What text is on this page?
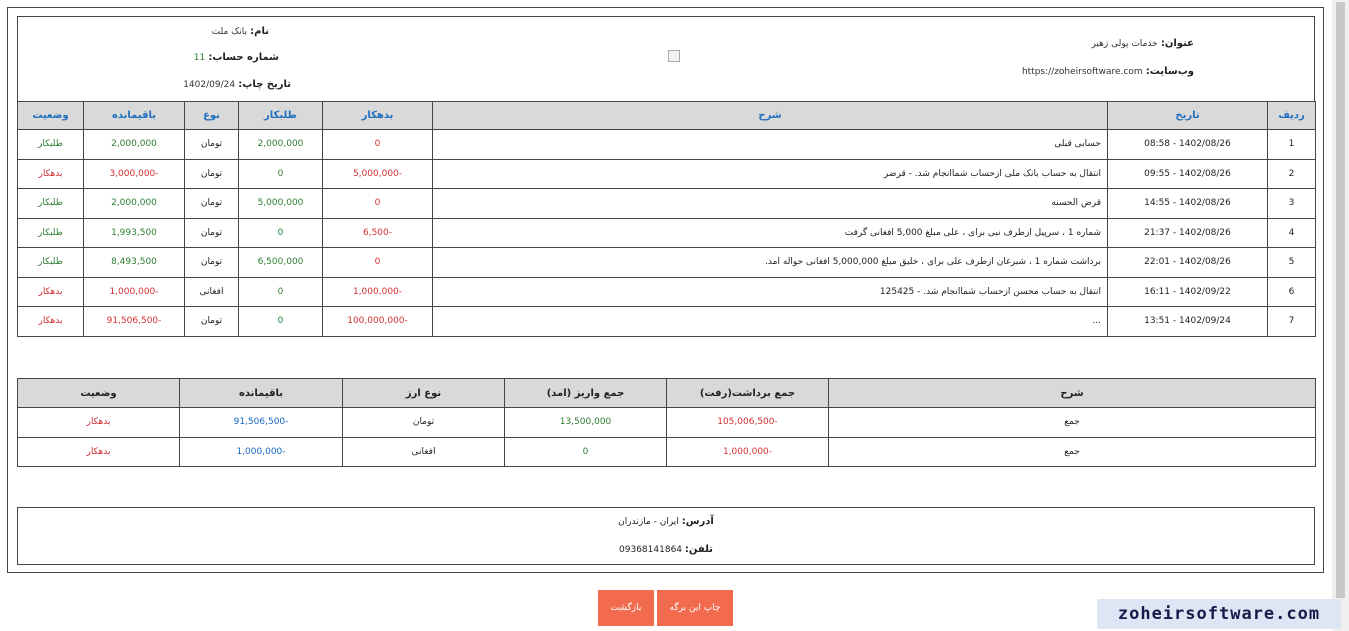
عنوان: خدمات پولی زهیر
وب‌سایت: https://zoheirsoftware.com
نام: بانک ملت
شماره حساب: 11
تاریخ چاپ: 1402/09/24
ردیف	تاریخ	شرح	بدهکار	طلبکار	نوع	باقیمانده	وضعیت
1	1402/08/26 - 08:58	حسابی قبلی	0	2,000,000	تومان	2,000,000	طلبکار
2	1402/08/26 - 09:55	انتقال به حساب بانک ملی ازحساب شماانجام شد. - قرضر	-5,000,000	0	تومان	-3,000,000	بدهکار
3	1402/08/26 - 14:55	قرض الحسنه	0	5,000,000	تومان	2,000,000	طلبکار
4	1402/08/26 - 21:37	شماره 1 ، سرپیل ازطرف نبی برای ، علی مبلغ 5,000 افغانی گرفت	-6,500	0	تومان	1,993,500	طلبکار
5	1402/08/26 - 22:01	برداشت شماره 1 ، شبرغان ازطرف علی برای ، خلیق مبلغ 5,000,000 افغانی حواله امد.	0	6,500,000	تومان	8,493,500	طلبکار
6	1402/09/22 - 16:11	انتقال به حساب محسن ازحساب شماانجام شد. - 125425	-1,000,000	0	افغانی	-1,000,000	بدهکار
7	1402/09/24 - 13:51	...	-100,000,000	0	تومان	-91,506,500	بدهکار
شرح	جمع برداشت(رفت)	جمع واریز (امد)	نوع ارز	باقیمانده	وضعیت
جمع	-105,006,500	13,500,000	تومان	-91,506,500	بدهکار
جمع	-1,000,000	0	افغانی	-1,000,000	بدهکار
آدرس: ایران - مازندران
تلفن: 09368141864
بازگشت	چاپ این برگه	zoheirsoftware.com
